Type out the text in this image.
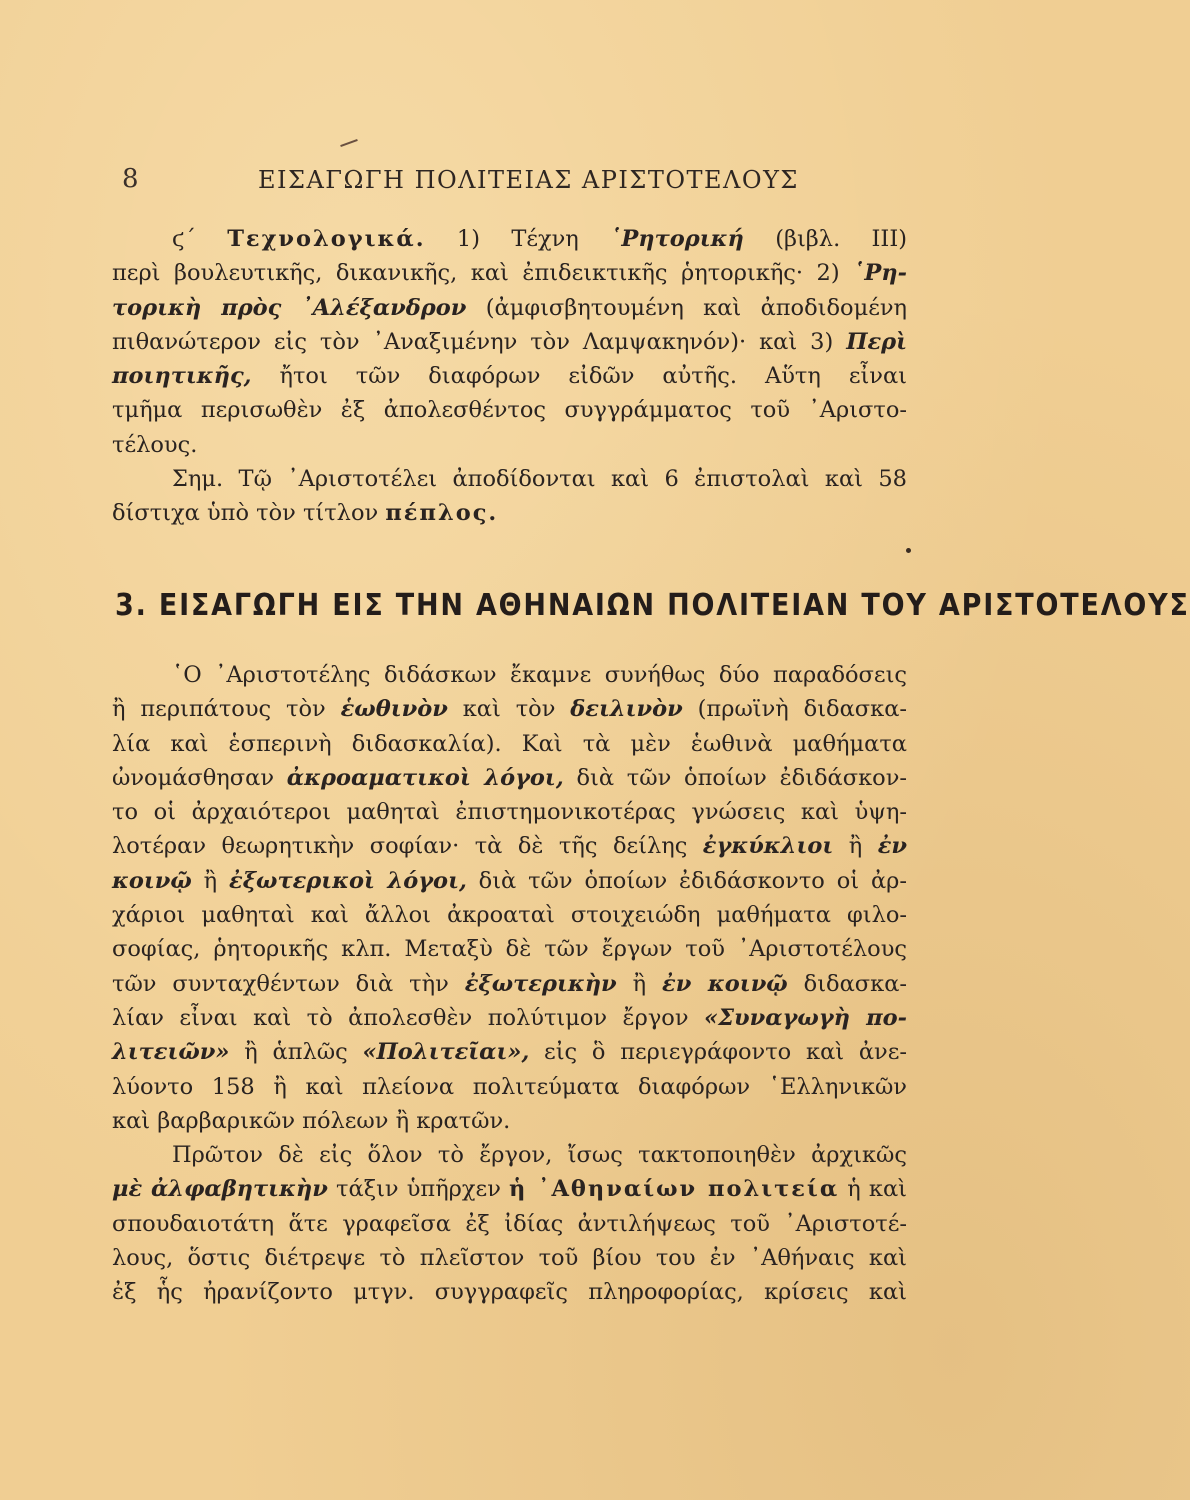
8	ΕΙΣΑΓΩΓΗ ΠΟΛΙΤΕΙΑΣ ΑΡΙΣΤΟΤΕΛΟΥΣ
ϛ΄ Τεχνολογικά. 1) Τέχνη ῾Ρητορική (βιβλ. ΙΙΙ)
περὶ βουλευτικῆς, δικανικῆς, καὶ ἐπιδεικτικῆς ῥητορικῆς· 2) ῾Ρη-
τορικὴ πρὸς ᾿Αλέξανδρον (ἀμφισβητουμένη καὶ ἀποδιδομένη
πιθανώτερον εἰς τὸν ᾿Αναξιμένην τὸν Λαμψακηνόν)· καὶ 3) Περὶ
ποιητικῆς, ἤτοι τῶν διαφόρων εἰδῶν αὐτῆς. Αὕτη εἶναι
τμῆμα περισωθὲν ἐξ ἀπολεσθέντος συγγράμματος τοῦ ᾿Αριστο-
τέλους.
Σημ. Τῷ ᾿Αριστοτέλει ἀποδίδονται καὶ 6 ἐπιστολαὶ καὶ 58
δίστιχα ὑπὸ τὸν τίτλον πέπλος.
3. ΕΙΣΑΓΩΓΗ ΕΙΣ ΤΗΝ ΑΘΗΝΑΙΩΝ ΠΟΛΙΤΕΙΑΝ ΤΟΥ ΑΡΙΣΤΟΤΕΛΟΥΣ
῾Ο ᾿Αριστοτέλης διδάσκων ἔκαμνε συνήθως δύο παραδόσεις
ἢ περιπάτους τὸν ἑωθινὸν καὶ τὸν δειλινὸν (πρωϊνὴ διδασκα-
λία καὶ ἑσπερινὴ διδασκαλία). Καὶ τὰ μὲν ἑωθινὰ μαθήματα
ὠνομάσθησαν ἀκροαματικοὶ λόγοι, διὰ τῶν ὁποίων ἐδιδάσκον-
το οἱ ἀρχαιότεροι μαθηταὶ ἐπιστημονικοτέρας γνώσεις καὶ ὑψη-
λοτέραν θεωρητικὴν σοφίαν· τὰ δὲ τῆς δείλης ἐγκύκλιοι ἢ ἐν
κοινῷ ἢ ἐξωτερικοὶ λόγοι, διὰ τῶν ὁποίων ἐδιδάσκοντο οἱ ἀρ-
χάριοι μαθηταὶ καὶ ἄλλοι ἀκροαταὶ στοιχειώδη μαθήματα φιλο-
σοφίας, ῥητορικῆς κλπ. Μεταξὺ δὲ τῶν ἔργων τοῦ ᾿Αριστοτέλους
τῶν συνταχθέντων διὰ τὴν ἐξωτερικὴν ἢ ἐν κοινῷ διδασκα-
λίαν εἶναι καὶ τὸ ἀπολεσθὲν πολύτιμον ἔργον «Συναγωγὴ πο-
λιτειῶν» ἢ ἁπλῶς «Πολιτεῖαι», εἰς ὃ περιεγράφοντο καὶ ἀνε-
λύοντο 158 ἢ καὶ πλείονα πολιτεύματα διαφόρων ῾Ελληνικῶν
καὶ βαρβαρικῶν πόλεων ἢ κρατῶν.
Πρῶτον δὲ εἰς ὅλον τὸ ἔργον, ἴσως τακτοποιηθὲν ἀρχικῶς
μὲ ἀλφαβητικὴν τάξιν ὑπῆρχεν ἡ ᾿Αθηναίων πολιτεία ἡ καὶ
σπουδαιοτάτη ἅτε γραφεῖσα ἐξ ἰδίας ἀντιλήψεως τοῦ ᾿Αριστοτέ-
λους, ὅστις διέτρεψε τὸ πλεῖστον τοῦ βίου του ἐν ᾿Αθήναις καὶ
ἐξ ἧς ἠρανίζοντο μτγν. συγγραφεῖς πληροφορίας, κρίσεις καὶ
